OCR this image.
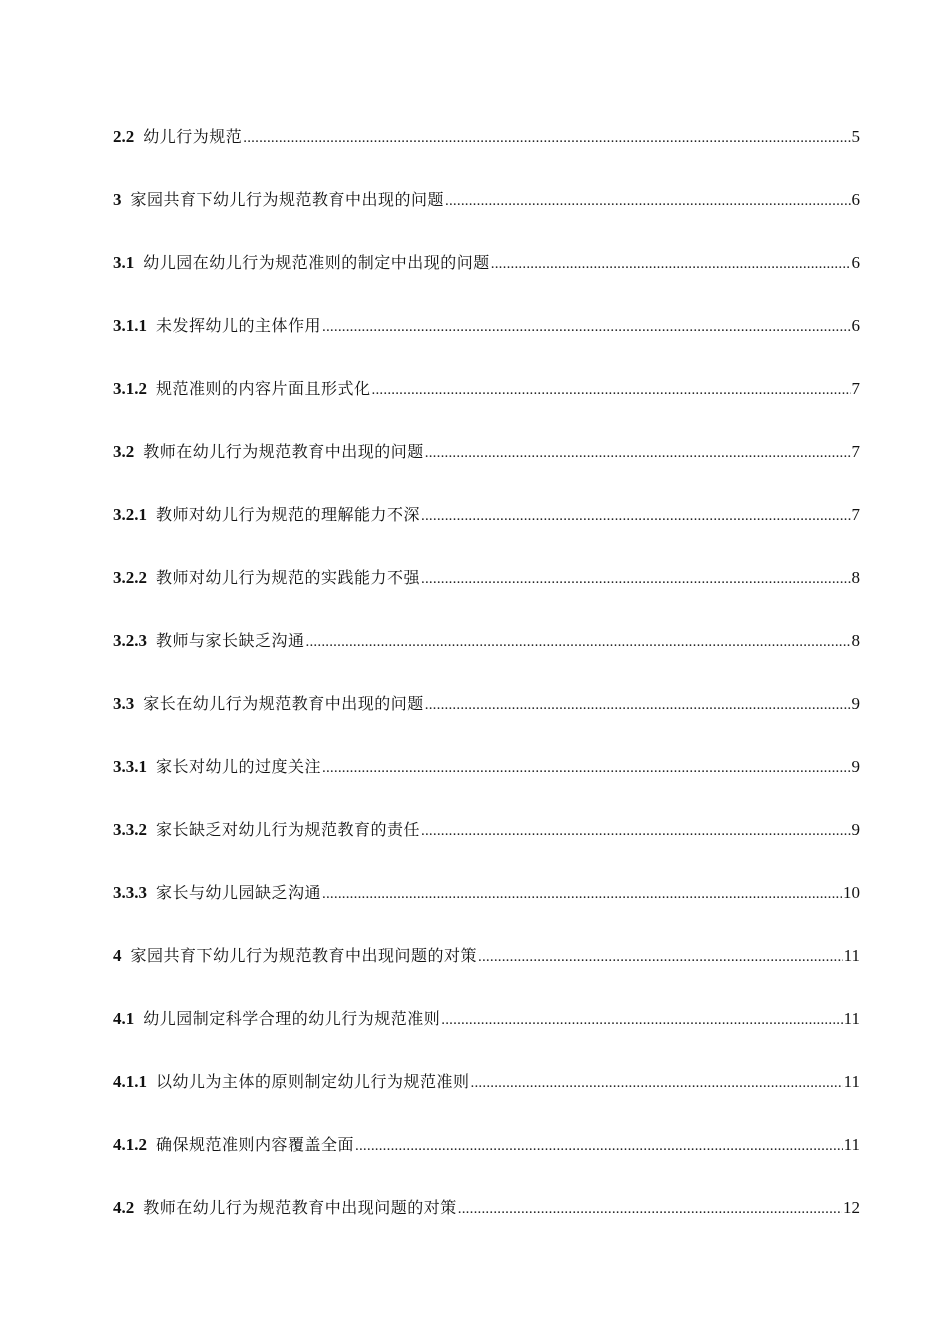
2.2 幼儿行为规范 .....	5
3 家园共育下幼儿行为规范教育中出现的问题 .....	6
3.1 幼儿园在幼儿行为规范准则的制定中出现的问题 .....	6
3.1.1 未发挥幼儿的主体作用 .....	6
3.1.2 规范准则的内容片面且形式化 .....	7
3.2 教师在幼儿行为规范教育中出现的问题 .....	7
3.2.1 教师对幼儿行为规范的理解能力不深 .....	7
3.2.2 教师对幼儿行为规范的实践能力不强 .....	8
3.2.3 教师与家长缺乏沟通 .....	8
3.3 家长在幼儿行为规范教育中出现的问题 .....	9
3.3.1 家长对幼儿的过度关注 .....	9
3.3.2 家长缺乏对幼儿行为规范教育的责任 .....	9
3.3.3 家长与幼儿园缺乏沟通 .....	10
4 家园共育下幼儿行为规范教育中出现问题的对策 .....	11
4.1 幼儿园制定科学合理的幼儿行为规范准则 .....	11
4.1.1 以幼儿为主体的原则制定幼儿行为规范准则 .....	11
4.1.2 确保规范准则内容覆盖全面 .....	11
4.2 教师在幼儿行为规范教育中出现问题的对策 .....	12
